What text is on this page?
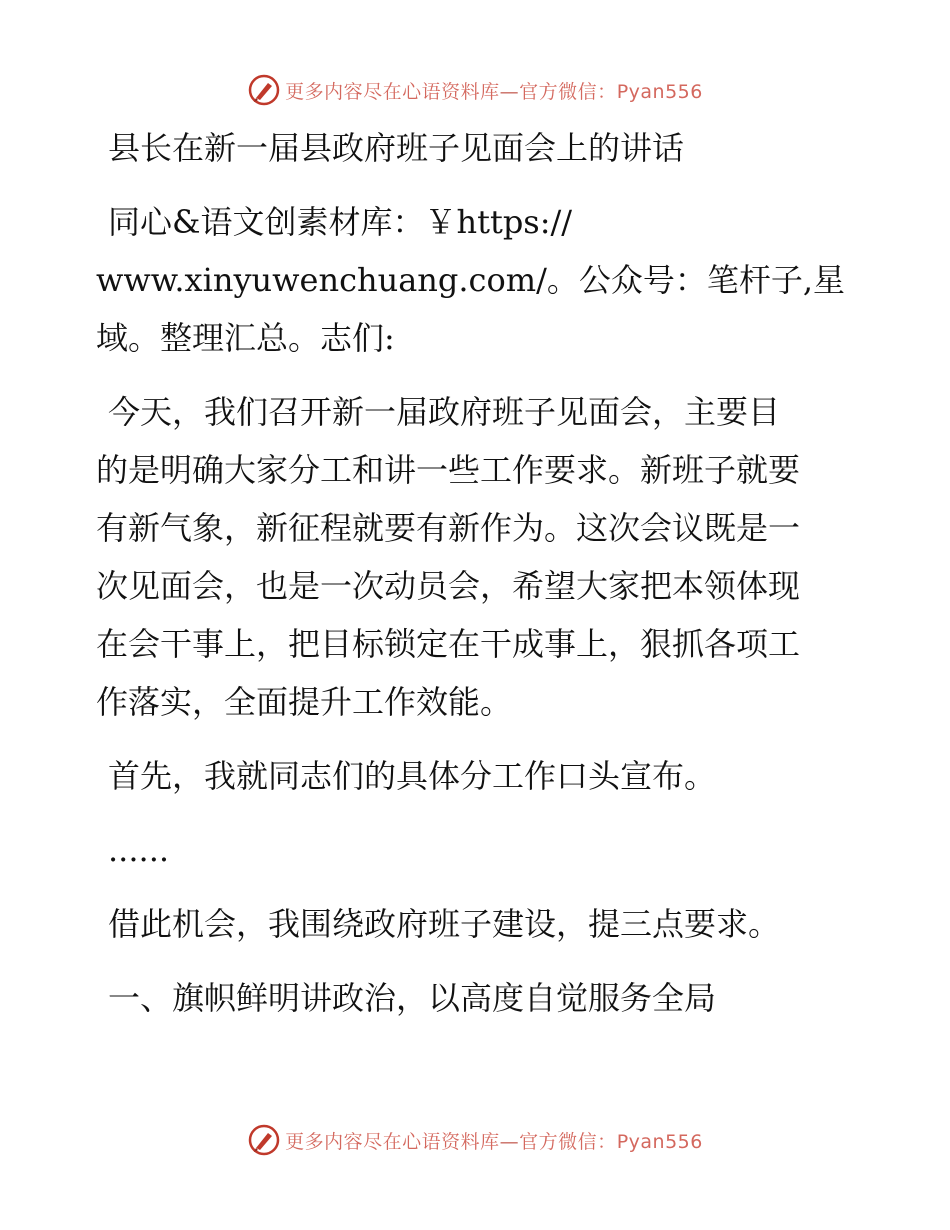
更多内容尽在心语资料库—官方微信：Pyan556
县长在新一届县政府班子见面会上的讲话
同心&语文创素材库：￥https://
www.xinyuwenchuang.com/。公众号：笔杆子,星
域。整理汇总。志们:
今天，我们召开新一届政府班子见面会，主要目
的是明确大家分工和讲一些工作要求。新班子就要
有新气象，新征程就要有新作为。这次会议既是一
次见面会，也是一次动员会，希望大家把本领体现
在会干事上，把目标锁定在干成事上，狠抓各项工
作落实，全面提升工作效能。
首先，我就同志们的具体分工作口头宣布。
......
借此机会，我围绕政府班子建设，提三点要求。
一、旗帜鲜明讲政治，以高度自觉服务全局
更多内容尽在心语资料库—官方微信：Pyan556
